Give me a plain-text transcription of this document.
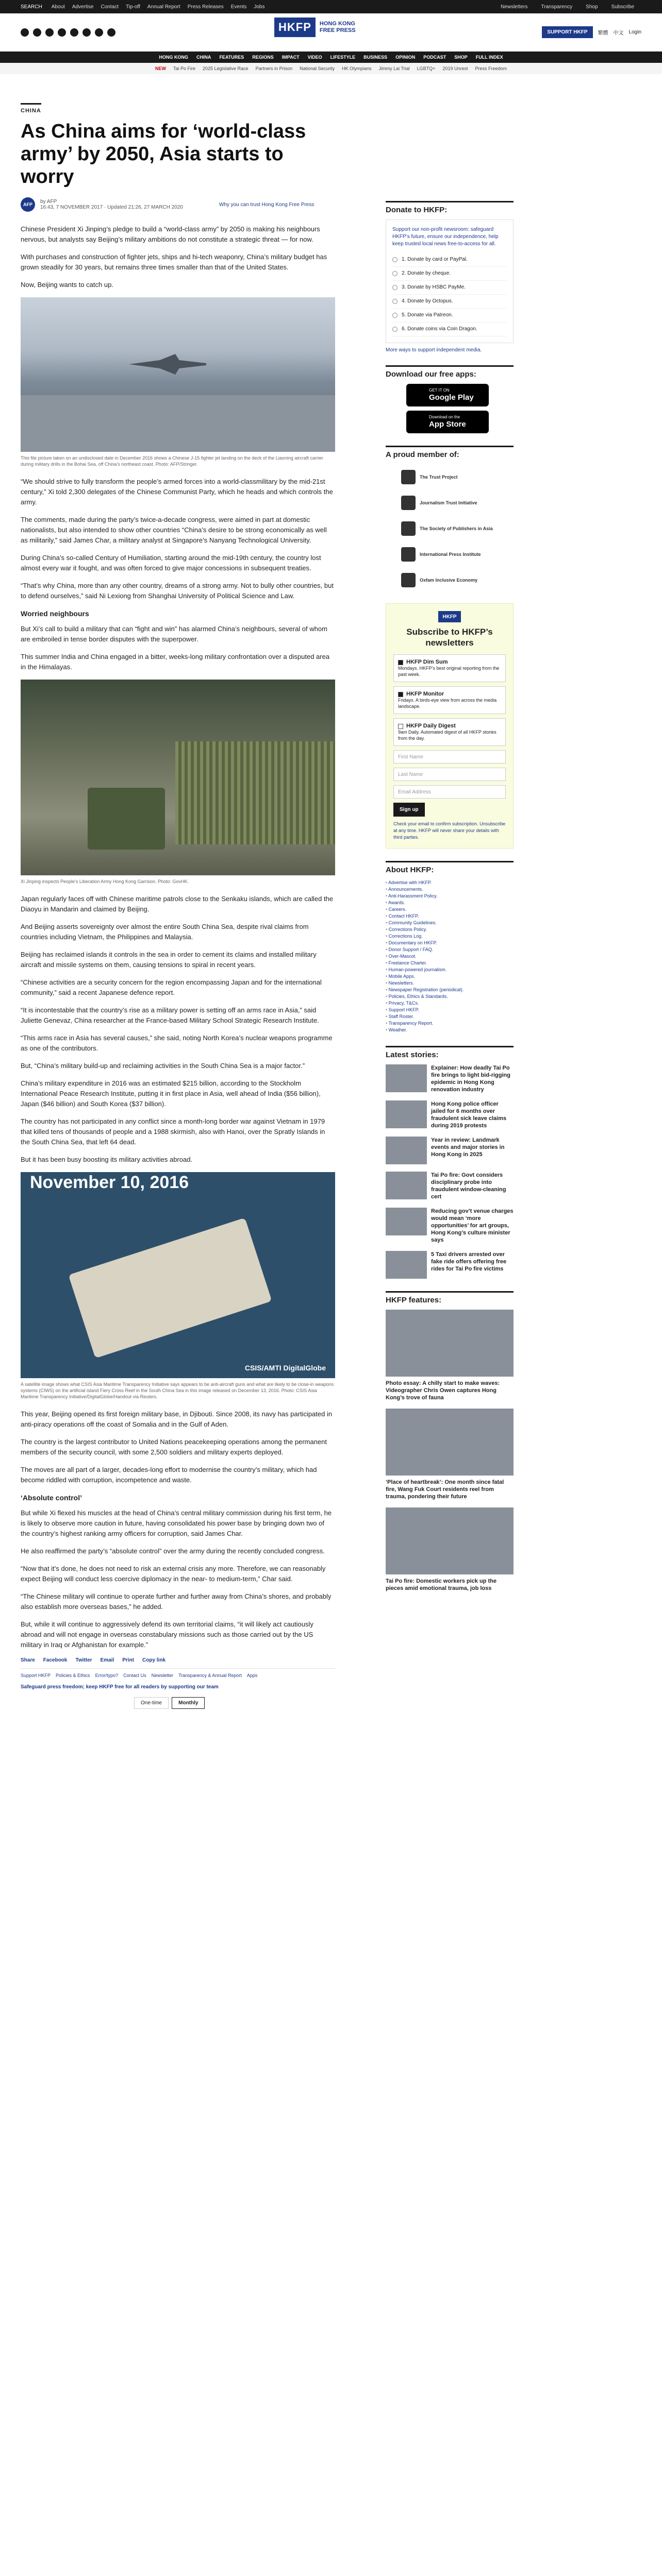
SEARCH About Advertise Contact Tip-off Annual Report Press Releases Events Jobs	Newsletters	Transparency	Shop	Subscribe
HKFP	HONG KONG
FREE PRESS	SUPPORT HKFP	繁體 中文 Login
HONG KONG CHINA FEATURES REGIONS IMPACT VIDEO LIFESTYLE BUSINESS OPINION PODCAST SHOP FULL INDEX
NEW Tai Po Fire 2025 Legislative Race Partners in Prison National Security HK Olympians Jimmy Lai Trial LGBTQ+ 2019 Unrest Press Freedom
CHINA
As China aims for ‘world-class army’ by 2050, Asia starts to worry
AFP	by AFP
16:43, 7 NOVEMBER 2017 · Updated 21:26, 27 MARCH 2020	Why you can trust Hong Kong Free Press

Chinese President Xi Jinping’s pledge to build a “world-class army” by 2050 is making his neighbours nervous, but analysts say Beijing’s military ambitions do not constitute a strategic threat — for now.

With purchases and construction of fighter jets, ships and hi-tech weaponry, China’s military budget has grown steadily for 30 years, but remains three times smaller than that of the United States.

Now, Beijing wants to catch up.

This file picture taken on an undisclosed date in December 2016 shows a Chinese J-15 fighter jet landing on the deck of the Liaoning aircraft carrier during military drills in the Bohai Sea, off China’s northeast coast. Photo: AFP/Stringer.

“We should strive to fully transform the people’s armed forces into a world-classmilitary by the mid-21st century,” Xi told 2,300 delegates of the Chinese Communist Party, which he heads and which controls the army.

The comments, made during the party’s twice-a-decade congress, were aimed in part at domestic nationalists, but also intended to show other countries “China’s desire to be strong economically as well as militarily,” said James Char, a military analyst at Singapore’s Nanyang Technological University.

During China’s so-called Century of Humiliation, starting around the mid-19th century, the country lost almost every war it fought, and was often forced to give major concessions in subsequent treaties.

“That’s why China, more than any other country, dreams of a strong army. Not to bully other countries, but to defend ourselves,” said Ni Lexiong from Shanghai University of Political Science and Law.

Worried neighbours

But Xi’s call to build a military that can “fight and win” has alarmed China’s neighbours, several of whom are embroiled in tense border disputes with the superpower.

This summer India and China engaged in a bitter, weeks-long military confrontation over a disputed area in the Himalayas.

Xi Jinping inspects People’s Liberation Army Hong Kong Garrison. Photo: GovHK.

Japan regularly faces off with Chinese maritime patrols close to the Senkaku islands, which are called the Diaoyu in Mandarin and claimed by Beijing.

And Beijing asserts sovereignty over almost the entire South China Sea, despite rival claims from countries including Vietnam, the Philippines and Malaysia.

Beijing has reclaimed islands it controls in the sea in order to cement its claims and installed military aircraft and missile systems on them, causing tensions to spiral in recent years.

“Chinese activities are a security concern for the region encompassing Japan and for the international community,” said a recent Japanese defence report.

“It is incontestable that the country’s rise as a military power is setting off an arms race in Asia,” said Juliette Genevaz, China researcher at the France-based Military School Strategic Research Institute.

“This arms race in Asia has several causes,” she said, noting North Korea’s nuclear weapons programme as one of the contributors.

But, “China’s military build-up and reclaiming activities in the South China Sea is a major factor.”

China’s military expenditure in 2016 was an estimated $215 billion, according to the Stockholm International Peace Research Institute, putting it in first place in Asia, well ahead of India ($56 billion), Japan ($46 billion) and South Korea ($37 billion).

The country has not participated in any conflict since a month-long border war against Vietnam in 1979 that killed tens of thousands of people and a 1988 skirmish, also with Hanoi, over the Spratly Islands in the South China Sea, that left 64 dead.

But it has been busy boosting its military activities abroad.

November 10, 2016
CSIS/AMTI DigitalGlobe
A satellite image shows what CSIS Asia Maritime Transparency Initiative says appears to be anti-aircraft guns and what are likely to be close-in weapons systems (CIWS) on the artificial island Fiery Cross Reef in the South China Sea in this image released on December 13, 2016. Photo: CSIS Asia Maritime Transparency Initiative/DigitalGlobe/Handout via Reuters.

This year, Beijing opened its first foreign military base, in Djibouti. Since 2008, its navy has participated in anti-piracy operations off the coast of Somalia and in the Gulf of Aden.

The country is the largest contributor to United Nations peacekeeping operations among the permanent members of the security council, with some 2,500 soldiers and military experts deployed.

The moves are all part of a larger, decades-long effort to modernise the country’s military, which had become riddled with corruption, incompetence and waste.

‘Absolute control’

But while Xi flexed his muscles at the head of China’s central military commission during his first term, he is likely to observe more caution in future, having consolidated his power base by bringing down two of the country’s highest ranking army officers for corruption, said James Char.

He also reaffirmed the party’s “absolute control” over the army during the recently concluded congress.

“Now that it’s done, he does not need to risk an external crisis any more. Therefore, we can reasonably expect Beijing will conduct less coercive diplomacy in the near- to medium-term,” Char said.

“The Chinese military will continue to operate further and further away from China’s shores, and probably also establish more overseas bases,” he added.

But, while it will continue to aggressively defend its own territorial claims, “it will likely act cautiously abroad and will not engage in overseas constabulary missions such as those carried out by the US military in Iraq or Afghanistan for example.”

Share Facebook Twitter Email Print Copy link
Support HKFP Policies & Ethics Error/typo? Contact Us Newsletter Transparency & Annual Report Apps
Safeguard press freedom; keep HKFP free for all readers by supporting our team
One-time	Monthly
Donate to HKFP:
Support our non-profit newsroom: safeguard HKFP’s future, ensure our independence, help keep trusted local news free-to-access for all.
1. Donate by card or PayPal.
2. Donate by cheque.
3. Donate by HSBC PayMe.
4. Donate by Octopus.
5. Donate via Patreon.
6. Donate coins via Coin Dragon.
More ways to support independent media.
Download our free apps:
GET IT ON
Google Play
Download on the
App Store
A proud member of:
The Trust Project
Journalism Trust Initiative
The Society of Publishers in Asia
International Press Institute
Oxfam Inclusive Economy
HKFP
Subscribe to HKFP’s newsletters
HKFP Dim Sum
Mondays. HKFP’s best original reporting from the past week.
HKFP Monitor
Fridays. A birds-eye view from across the media landscape.
HKFP Daily Digest
9am Daily. Automated digest of all HKFP stories from the day.
First Name
Last Name
Email Address
Sign up
Check your email to confirm subscription. Unsubscribe at any time. HKFP will never share your details with third parties.
About HKFP:
• Advertise with HKFP.
• Announcements.
• Anti-Harassment Policy.
• Awards.
• Careers.
• Contact HKFP.
• Community Guidelines.
• Corrections Policy.
• Corrections Log.
• Documentary on HKFP.
• Donor Support / FAQ.
• Over-Mascot.
• Freelance Charter.
• Human-powered journalism.
• Mobile Apps.
• Newsletters.
• Newspaper Registration (periodical).
• Policies, Ethics & Standards.
• Privacy, T&Cs.
• Support HKFP.
• Staff Roster.
• Transparency Report.
• Weather.
Latest stories:
Explainer: How deadly Tai Po fire brings to light bid-rigging epidemic in Hong Kong renovation industry
Hong Kong police officer jailed for 6 months over fraudulent sick leave claims during 2019 protests
Year in review: Landmark events and major stories in Hong Kong in 2025
Tai Po fire: Govt considers disciplinary probe into fraudulent window-cleaning cert
Reducing gov’t venue charges would mean ‘more opportunities’ for art groups, Hong Kong’s culture minister says
5 Taxi drivers arrested over fake ride offers offering free rides for Tai Po fire victims
HKFP features:
Photo essay: A chilly start to make waves: Videographer Chris Owen captures Hong Kong’s trove of fauna
‘Place of heartbreak’: One month since fatal fire, Wang Fuk Court residents reel from trauma, pondering their future
Tai Po fire: Domestic workers pick up the pieces amid emotional trauma, job loss
